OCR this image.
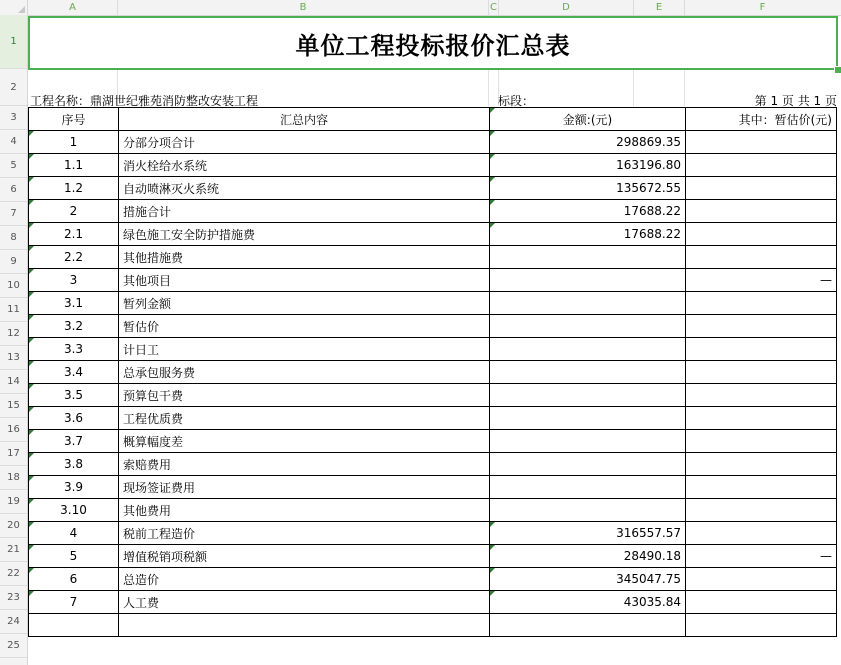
A	B	C	D	E	F
1
2
3
4
5
6
7
8
9
10
11
12
13
14
15
16
17
18
19
20
21
22
23
24
25
单位工程投标报价汇总表
工程名称：鼎湖世纪雅苑消防整改安装工程	标段：	第 1 页 共 1 页
序号	汇总内容	金额:(元)	其中：暂估价(元)

1	分部分项合计	298869.35	

1.1	消火栓给水系统	163196.80	

1.2	自动喷淋灭火系统	135672.55	

2	措施合计	17688.22	

2.1	绿色施工安全防护措施费	17688.22	

2.2	其他措施费		

3	其他项目		—

3.1	暂列金额		

3.2	暂估价		

3.3	计日工		

3.4	总承包服务费		

3.5	预算包干费		

3.6	工程优质费		

3.7	概算幅度差		

3.8	索赔费用		

3.9	现场签证费用		

3.10	其他费用		

4	税前工程造价	316557.57	

5	增值税销项税额	28490.18	—

6	总造价	345047.75	

7	人工费	43035.84	
